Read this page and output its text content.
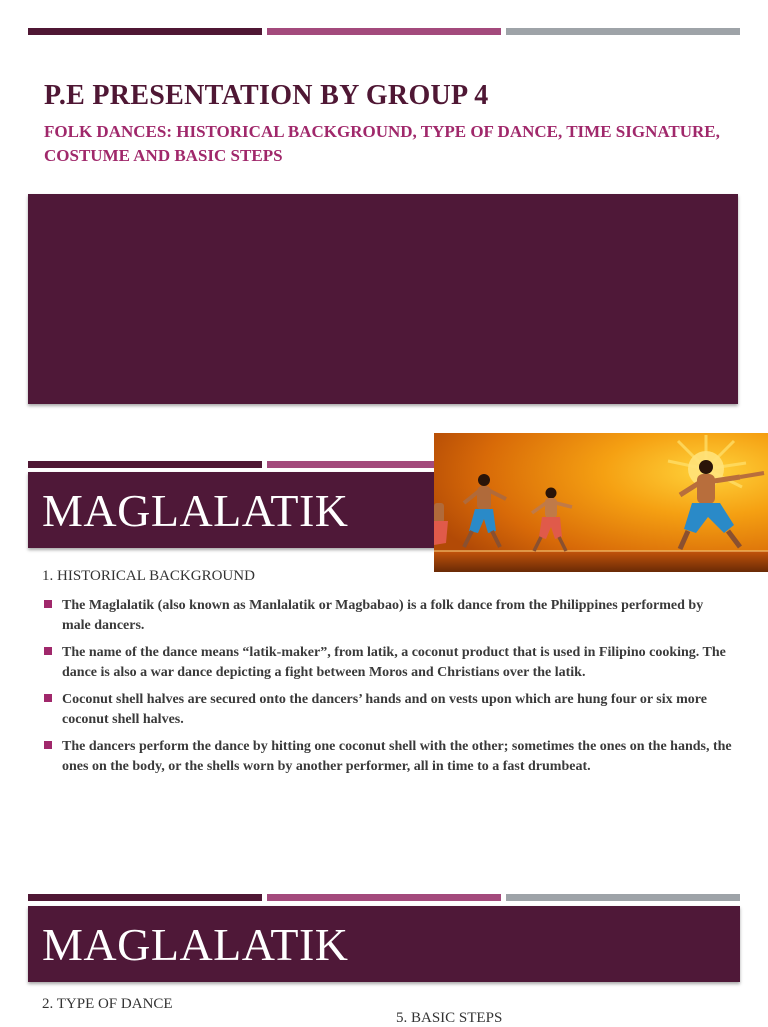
P.E PRESENTATION BY GROUP 4

FOLK DANCES: HISTORICAL BACKGROUND, TYPE OF DANCE, TIME SIGNATURE, COSTUME AND BASIC STEPS

MAGLALATIK

1. HISTORICAL BACKGROUND

The Maglalatik (also known as Manlalatik or Magbabao) is a folk dance from the Philippines performed by male dancers.
The name of the dance means “latik-maker”, from latik, a coconut product that is used in Filipino cooking. The dance is also a war dance depicting a fight between Moros and Christians over the latik.
Coconut shell halves are secured onto the dancers’ hands and on vests upon which are hung four or six more coconut shell halves.
The dancers perform the dance by hitting one coconut shell with the other; sometimes the ones on the hands, the ones on the body, or the shells worn by another performer, all in time to a fast drumbeat.
MAGLALATIK

2. TYPE OF DANCE

5. BASIC STEPS
